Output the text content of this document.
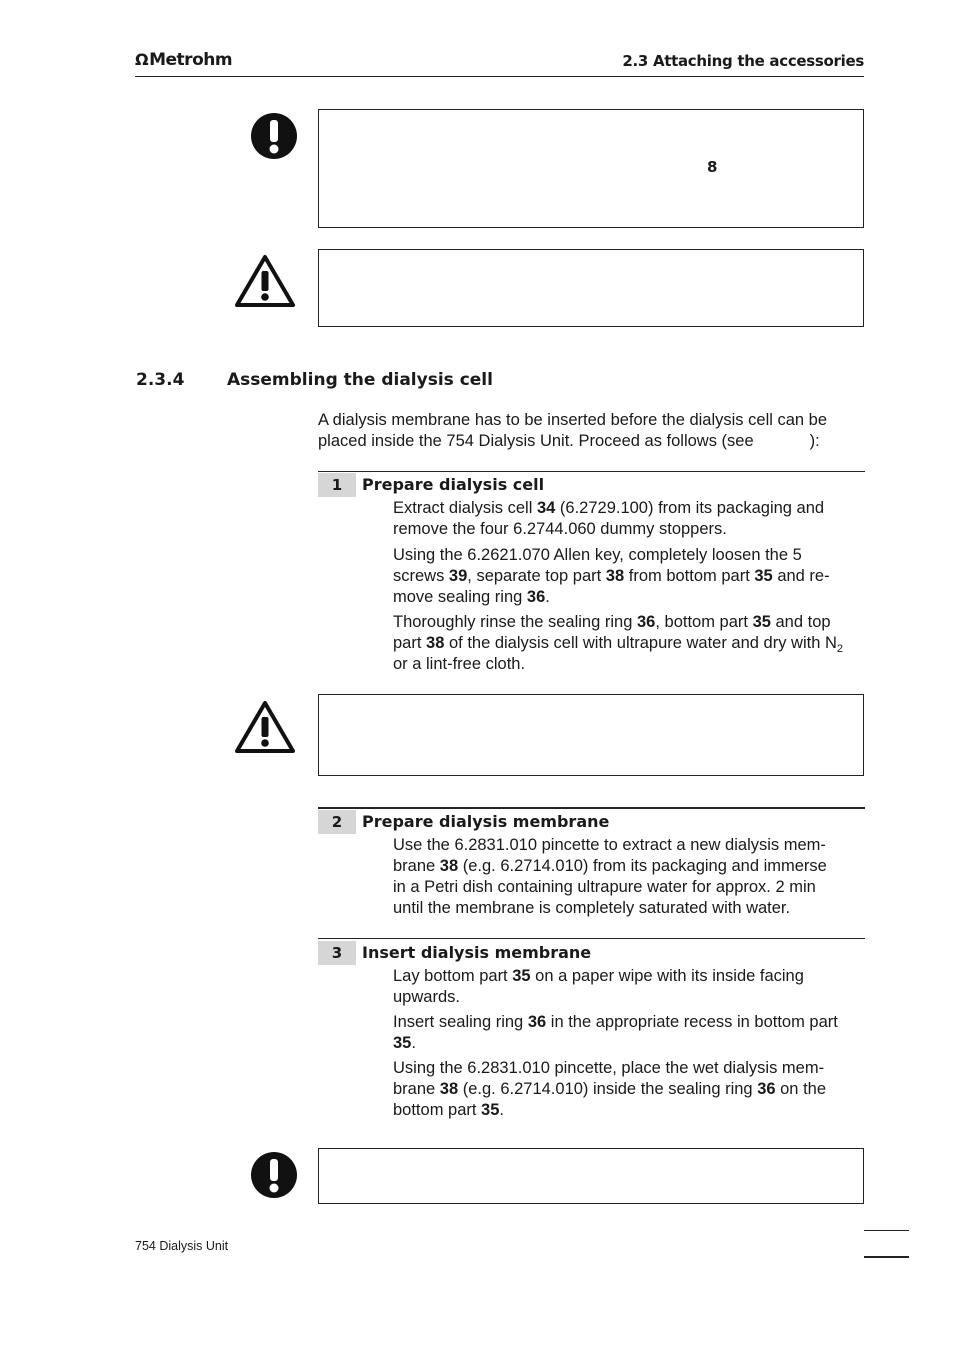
ΩMetrohm	2.3 Attaching the accessories
8
2.3.4	Assembling the dialysis cell
A dialysis membrane has to be inserted before the dialysis cell can be
placed inside the 754 Dialysis Unit. Proceed as follows (see	):
1	Prepare dialysis cell
Extract dialysis cell 34 (6.2729.100) from its packaging and
remove the four 6.2744.060 dummy stoppers.
Using the 6.2621.070 Allen key, completely loosen the 5
screws 39, separate top part 38 from bottom part 35 and re-
move sealing ring 36.
Thoroughly rinse the sealing ring 36, bottom part 35 and top
part 38 of the dialysis cell with ultrapure water and dry with $N_2$
or a lint-free cloth.
2	Prepare dialysis membrane
Use the 6.2831.010 pincette to extract a new dialysis mem-
brane 38 (e.g. 6.2714.010) from its packaging and immerse
in a Petri dish containing ultrapure water for approx. 2 min
until the membrane is completely saturated with water.
3	Insert dialysis membrane
Lay bottom part 35 on a paper wipe with its inside facing
upwards.
Insert sealing ring 36 in the appropriate recess in bottom part
35.
Using the 6.2831.010 pincette, place the wet dialysis mem-
brane 38 (e.g. 6.2714.010) inside the sealing ring 36 on the
bottom part 35.
754 Dialysis Unit
